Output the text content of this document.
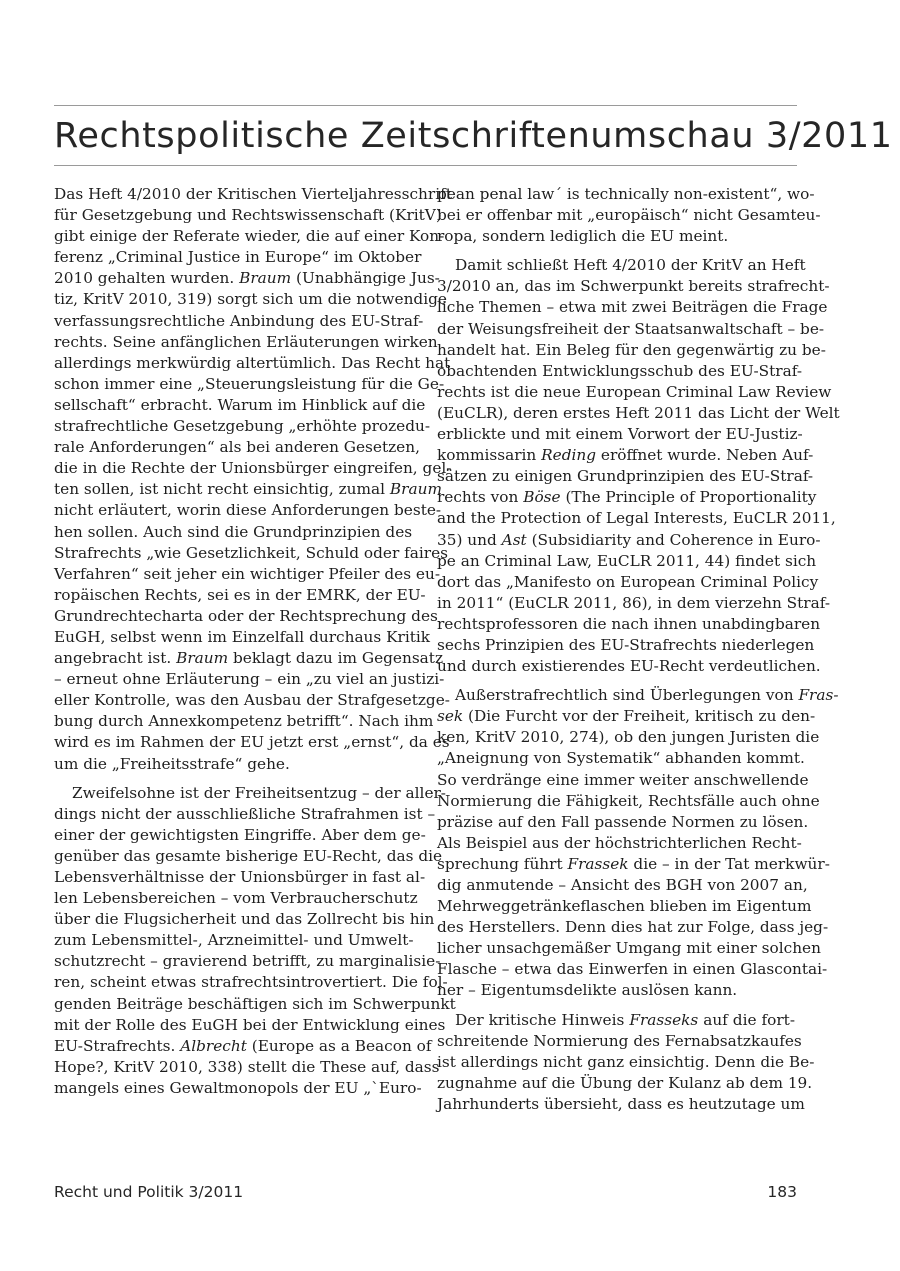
Rechtspolitische Zeitschriftenumschau 3/2011
Das Heft 4/2010 der Kritischen Vierteljahresschrift
für Gesetzgebung und Rechtswissenschaft (KritV)
gibt einige der Referate wieder, die auf einer Kon-
ferenz „Criminal Justice in Europe“ im Oktober
2010 gehalten wurden. Braum (Unabhängige Jus-
tiz, KritV 2010, 319) sorgt sich um die notwendige
verfassungsrechtliche Anbindung des EU-Straf-
rechts. Seine anfänglichen Erläuterungen wirken
allerdings merkwürdig altertümlich. Das Recht hat
schon immer eine „Steuerungsleistung für die Ge-
sellschaft“ erbracht. Warum im Hinblick auf die
strafrechtliche Gesetzgebung „erhöhte prozedu-
rale Anforderungen“ als bei anderen Gesetzen,
die in die Rechte der Unionsbürger eingreifen, gel-
ten sollen, ist nicht recht einsichtig, zumal Braum
nicht erläutert, worin diese Anforderungen beste-
hen sollen. Auch sind die Grundprinzipien des
Strafrechts „wie Gesetzlichkeit, Schuld oder faires
Verfahren“ seit jeher ein wichtiger Pfeiler des eu-
ropäischen Rechts, sei es in der EMRK, der EU-
Grundrechtecharta oder der Rechtsprechung des
EuGH, selbst wenn im Einzelfall durchaus Kritik
angebracht ist. Braum beklagt dazu im Gegensatz
– erneut ohne Erläuterung – ein „zu viel an justizi-
eller Kontrolle, was den Ausbau der Strafgesetzge-
bung durch Annexkompetenz betrifft“. Nach ihm
wird es im Rahmen der EU jetzt erst „ernst“, da es
um die „Freiheitsstrafe“ gehe.
Zweifelsohne ist der Freiheitsentzug – der aller-
dings nicht der ausschließliche Strafrahmen ist –
einer der gewichtigsten Eingriffe. Aber dem ge-
genüber das gesamte bisherige EU-Recht, das die
Lebensverhältnisse der Unionsbürger in fast al-
len Lebensbereichen – vom Verbraucherschutz
über die Flugsicherheit und das Zollrecht bis hin
zum Lebensmittel-, Arzneimittel- und Umwelt-
schutzrecht – gravierend betrifft, zu marginalisie-
ren, scheint etwas strafrechtsintrovertiert. Die fol-
genden Beiträge beschäftigen sich im Schwerpunkt
mit der Rolle des EuGH bei der Entwicklung eines
EU-Strafrechts. Albrecht (Europe as a Beacon of
Hope?, KritV 2010, 338) stellt die These auf, dass
mangels eines Gewaltmonopols der EU „`Euro-
pean penal law´ is technically non-existent“, wo-
bei er offenbar mit „europäisch“ nicht Gesamteu-
ropa, sondern lediglich die EU meint.
Damit schließt Heft 4/2010 der KritV an Heft
3/2010 an, das im Schwerpunkt bereits strafrecht-
liche Themen – etwa mit zwei Beiträgen die Frage
der Weisungsfreiheit der Staatsanwaltschaft – be-
handelt hat. Ein Beleg für den gegenwärtig zu be-
obachtenden Entwicklungsschub des EU-Straf-
rechts ist die neue European Criminal Law Review
(EuCLR), deren erstes Heft 2011 das Licht der Welt
erblickte und mit einem Vorwort der EU-Justiz-
kommissarin Reding eröffnet wurde. Neben Auf-
sätzen zu einigen Grundprinzipien des EU-Straf-
rechts von Böse (The Principle of Proportionality
and the Protection of Legal Interests, EuCLR 2011,
35) und Ast (Subsidiarity and Coherence in Euro-
pe an Criminal Law, EuCLR 2011, 44) findet sich
dort das „Manifesto on European Criminal Policy
in 2011“ (EuCLR 2011, 86), in dem vierzehn Straf-
rechtsprofessoren die nach ihnen unabdingbaren
sechs Prinzipien des EU-Strafrechts niederlegen
und durch existierendes EU-Recht verdeutlichen.
Außerstrafrechtlich sind Überlegungen von Fras-
sek (Die Furcht vor der Freiheit, kritisch zu den-
ken, KritV 2010, 274), ob den jungen Juristen die
„Aneignung von Systematik“ abhanden kommt.
So verdränge eine immer weiter anschwellende
Normierung die Fähigkeit, Rechtsfälle auch ohne
präzise auf den Fall passende Normen zu lösen.
Als Beispiel aus der höchstrichterlichen Recht-
sprechung führt Frassek die – in der Tat merkwür-
dig anmutende – Ansicht des BGH von 2007 an,
Mehrweggetränkeflaschen blieben im Eigentum
des Herstellers. Denn dies hat zur Folge, dass jeg-
licher unsachgemäßer Umgang mit einer solchen
Flasche – etwa das Einwerfen in einen Glascontai-
ner – Eigentumsdelikte auslösen kann.
Der kritische Hinweis Frasseks auf die fort-
schreitende Normierung des Fernabsatzkaufes
ist allerdings nicht ganz einsichtig. Denn die Be-
zugnahme auf die Übung der Kulanz ab dem 19.
Jahrhunderts übersieht, dass es heutzutage um
Recht und Politik 3/2011	183
